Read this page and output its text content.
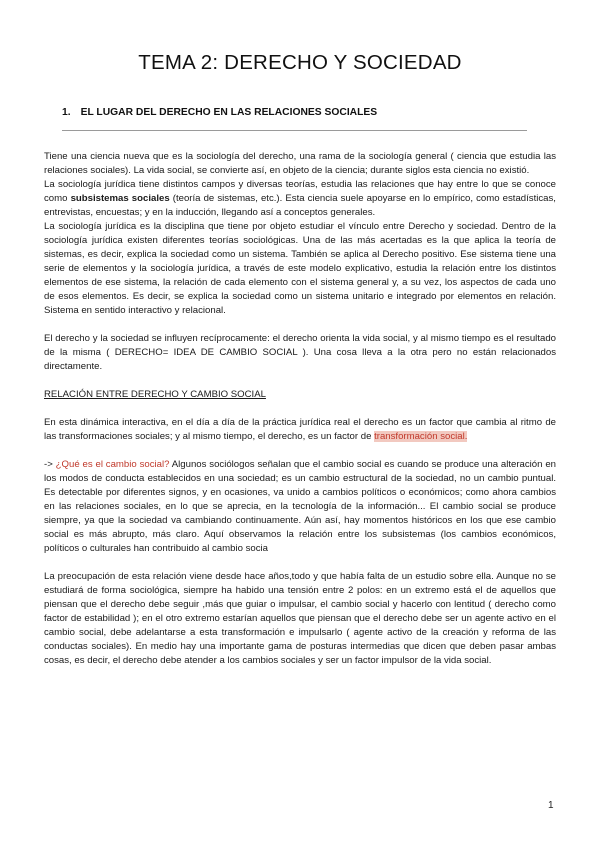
TEMA 2: DERECHO Y SOCIEDAD
1. EL LUGAR DEL DERECHO EN LAS RELACIONES SOCIALES

Tiene una ciencia nueva que es la sociología del derecho, una rama de la sociología general ( ciencia que estudia las relaciones sociales). La vida social, se convierte así, en objeto de la ciencia; durante siglos esta ciencia no existió.

La sociología jurídica tiene distintos campos y diversas teorías, estudia las relaciones que hay entre lo que se conoce como subsistemas sociales (teoría de sistemas, etc.). Esta ciencia suele apoyarse en lo empírico, como estadísticas, entrevistas, encuestas; y en la inducción, llegando así a conceptos generales.

La sociología jurídica es la disciplina que tiene por objeto estudiar el vínculo entre Derecho y sociedad. Dentro de la sociología jurídica existen diferentes teorías sociológicas. Una de las más acertadas es la que aplica la teoría de sistemas, es decir, explica la sociedad como un sistema. También se aplica al Derecho positivo. Ese sistema tiene una serie de elementos y la sociología jurídica, a través de este modelo explicativo, estudia la relación entre los distintos elementos de ese sistema, la relación de cada elemento con el sistema general y, a su vez, los aspectos de cada uno de esos elementos. Es decir, se explica la sociedad como un sistema unitario e integrado por elementos en relación. Sistema en sentido interactivo y relacional.

El derecho y la sociedad se influyen recíprocamente: el derecho orienta la vida social, y al mismo tiempo es el resultado de la misma ( DERECHO= IDEA DE CAMBIO SOCIAL ). Una cosa lleva a la otra pero no están relacionados directamente.

RELACIÓN ENTRE DERECHO Y CAMBIO SOCIAL

En esta dinámica interactiva, en el día a día de la práctica jurídica real el derecho es un factor que cambia al ritmo de las transformaciones sociales; y al mismo tiempo, el derecho, es un factor de transformación social.

-> ¿Qué es el cambio social? Algunos sociólogos señalan que el cambio social es cuando se produce una alteración en los modos de conducta establecidos en una sociedad; es un cambio estructural de la sociedad, no un cambio puntual. Es detectable por diferentes signos, y en ocasiones, va unido a cambios políticos o económicos; como ahora cambios en las relaciones sociales, en lo que se aprecia, en la tecnología de la información... El cambio social se produce siempre, ya que la sociedad va cambiando continuamente. Aún así, hay momentos históricos en los que ese cambio social es más abrupto, más claro. Aquí observamos la relación entre los subsistemas (los cambios económicos, políticos o culturales han contribuido al cambio socia

La preocupación de esta relación viene desde hace años,todo y que había falta de un estudio sobre ella. Aunque no se estudiará de forma sociológica, siempre ha habido una tensión entre 2 polos: en un extremo está el de aquellos que piensan que el derecho debe seguir ,más que guiar o impulsar, el cambio social y hacerlo con lentitud ( derecho como factor de estabilidad ); en el otro extremo estarían aquellos que piensan que el derecho debe ser un agente activo en el cambio social, debe adelantarse a esta transformación e impulsarlo ( agente activo de la creación y reforma de las conductas sociales). En medio hay una importante gama de posturas intermedias que dicen que deben pasar ambas cosas, es decir, el derecho debe atender a los cambios sociales y ser un factor impulsor de la vida social.

1
